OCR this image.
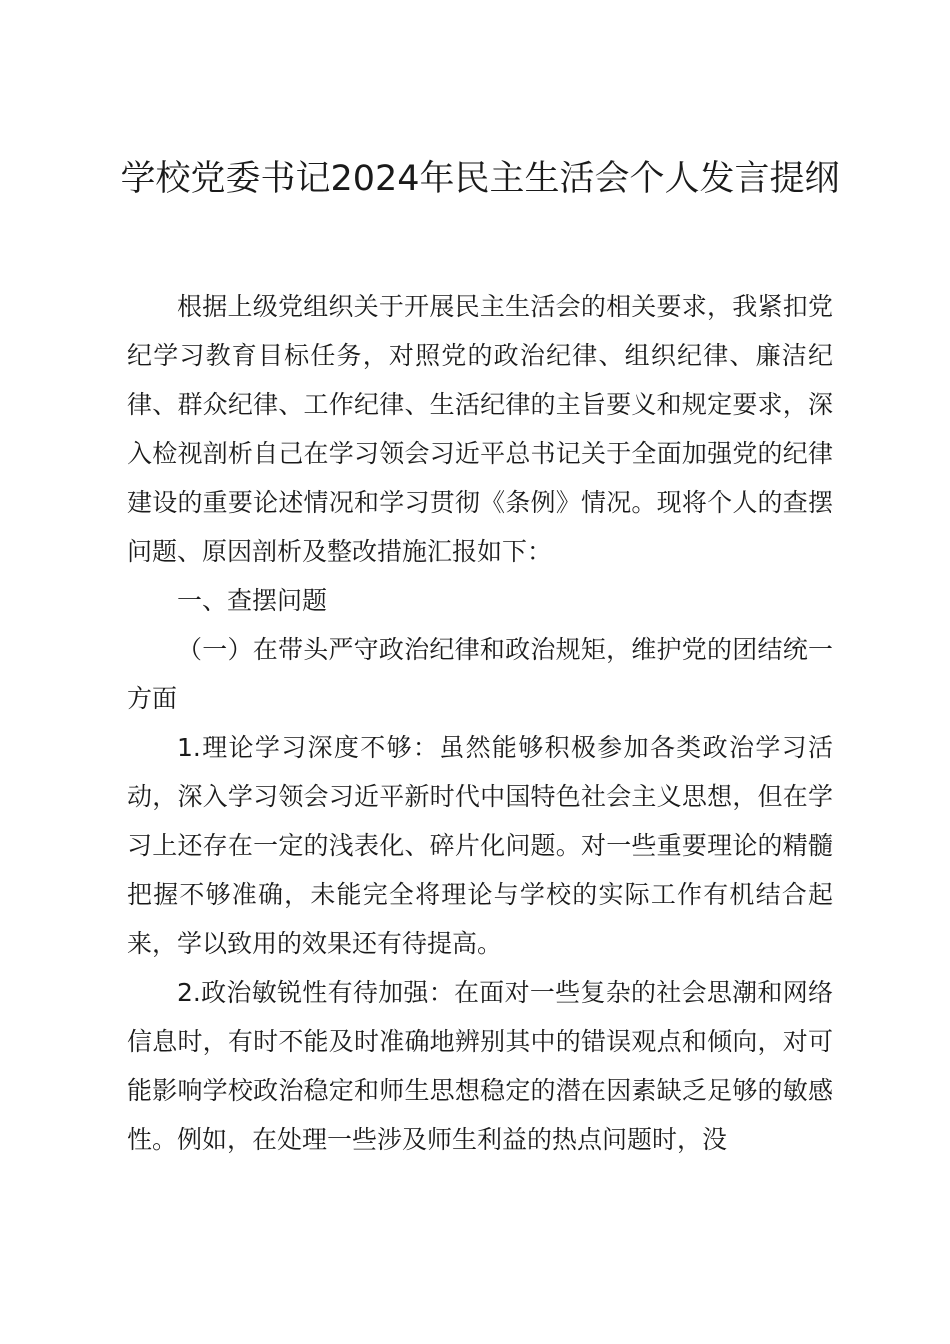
学校党委书记2024年民主生活会个人发言提纲

根据上级党组织关于开展民主生活会的相关要求，我紧扣党纪学习教育目标任务，对照党的政治纪律、组织纪律、廉洁纪律、群众纪律、工作纪律、生活纪律的主旨要义和规定要求，深入检视剖析自己在学习领会习近平总书记关于全面加强党的纪律建设的重要论述情况和学习贯彻《条例》情况。现将个人的查摆问题、原因剖析及整改措施汇报如下：

一、查摆问题

（一）在带头严守政治纪律和政治规矩，维护党的团结统一方面

1.理论学习深度不够：虽然能够积极参加各类政治学习活动，深入学习领会习近平新时代中国特色社会主义思想，但在学习上还存在一定的浅表化、碎片化问题。对一些重要理论的精髓把握不够准确，未能完全将理论与学校的实际工作有机结合起来，学以致用的效果还有待提高。

2.政治敏锐性有待加强：在面对一些复杂的社会思潮和网络信息时，有时不能及时准确地辨别其中的错误观点和倾向，对可能影响学校政治稳定和师生思想稳定的潜在因素缺乏足够的敏感性。例如，在处理一些涉及师生利益的热点问题时，没
